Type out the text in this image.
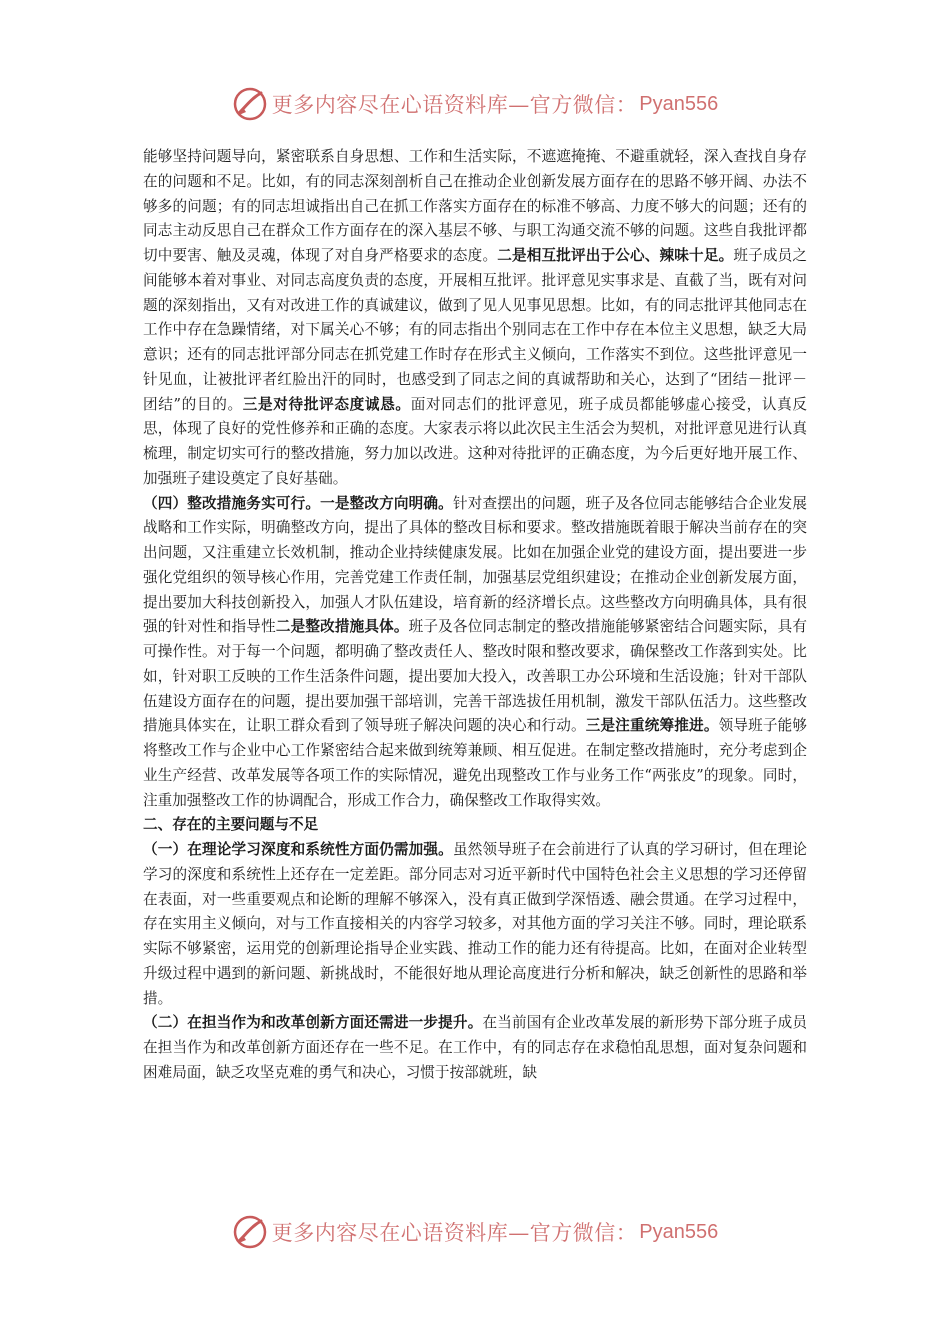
更多内容尽在心语资料库—官方微信： Pyan556

能够坚持问题导向，紧密联系自身思想、工作和生活实际，不遮遮掩掩、不避重就轻，深入查找自身存在的问题和不足。比如，有的同志深刻剖析自己在推动企业创新发展方面存在的思路不够开阔、办法不够多的问题；有的同志坦诚指出自己在抓工作落实方面存在的标准不够高、力度不够大的问题；还有的同志主动反思自己在群众工作方面存在的深入基层不够、与职工沟通交流不够的问题。这些自我批评都切中要害、触及灵魂，体现了对自身严格要求的态度。二是相互批评出于公心、辣味十足。班子成员之间能够本着对事业、对同志高度负责的态度，开展相互批评。批评意见实事求是、直截了当，既有对问题的深刻指出，又有对改进工作的真诚建议，做到了见人见事见思想。比如，有的同志批评其他同志在工作中存在急躁情绪，对下属关心不够；有的同志指出个别同志在工作中存在本位主义思想，缺乏大局意识；还有的同志批评部分同志在抓党建工作时存在形式主义倾向，工作落实不到位。这些批评意见一针见血，让被批评者红脸出汗的同时，也感受到了同志之间的真诚帮助和关心，达到了“团结－批评－团结”的目的。三是对待批评态度诚恳。面对同志们的批评意见，班子成员都能够虚心接受，认真反思，体现了良好的党性修养和正确的态度。大家表示将以此次民主生活会为契机，对批评意见进行认真梳理，制定切实可行的整改措施，努力加以改进。这种对待批评的正确态度，为今后更好地开展工作、加强班子建设奠定了良好基础。

（四）整改措施务实可行。一是整改方向明确。针对查摆出的问题，班子及各位同志能够结合企业发展战略和工作实际，明确整改方向，提出了具体的整改目标和要求。整改措施既着眼于解决当前存在的突出问题，又注重建立长效机制，推动企业持续健康发展。比如在加强企业党的建设方面，提出要进一步强化党组织的领导核心作用，完善党建工作责任制，加强基层党组织建设；在推动企业创新发展方面，提出要加大科技创新投入，加强人才队伍建设，培育新的经济增长点。这些整改方向明确具体，具有很强的针对性和指导性二是整改措施具体。班子及各位同志制定的整改措施能够紧密结合问题实际，具有可操作性。对于每一个问题，都明确了整改责任人、整改时限和整改要求，确保整改工作落到实处。比如，针对职工反映的工作生活条件问题，提出要加大投入，改善职工办公环境和生活设施；针对干部队伍建设方面存在的问题，提出要加强干部培训，完善干部选拔任用机制，激发干部队伍活力。这些整改措施具体实在，让职工群众看到了领导班子解决问题的决心和行动。三是注重统筹推进。领导班子能够将整改工作与企业中心工作紧密结合起来做到统筹兼顾、相互促进。在制定整改措施时，充分考虑到企业生产经营、改革发展等各项工作的实际情况，避免出现整改工作与业务工作“两张皮”的现象。同时，注重加强整改工作的协调配合，形成工作合力，确保整改工作取得实效。

二、存在的主要问题与不足

（一）在理论学习深度和系统性方面仍需加强。虽然领导班子在会前进行了认真的学习研讨，但在理论学习的深度和系统性上还存在一定差距。部分同志对习近平新时代中国特色社会主义思想的学习还停留在表面，对一些重要观点和论断的理解不够深入，没有真正做到学深悟透、融会贯通。在学习过程中，存在实用主义倾向，对与工作直接相关的内容学习较多，对其他方面的学习关注不够。同时，理论联系实际不够紧密，运用党的创新理论指导企业实践、推动工作的能力还有待提高。比如，在面对企业转型升级过程中遇到的新问题、新挑战时，不能很好地从理论高度进行分析和解决，缺乏创新性的思路和举措。

（二）在担当作为和改革创新方面还需进一步提升。在当前国有企业改革发展的新形势下部分班子成员在担当作为和改革创新方面还存在一些不足。在工作中，有的同志存在求稳怕乱思想，面对复杂问题和困难局面，缺乏攻坚克难的勇气和决心，习惯于按部就班，缺

更多内容尽在心语资料库—官方微信： Pyan556
